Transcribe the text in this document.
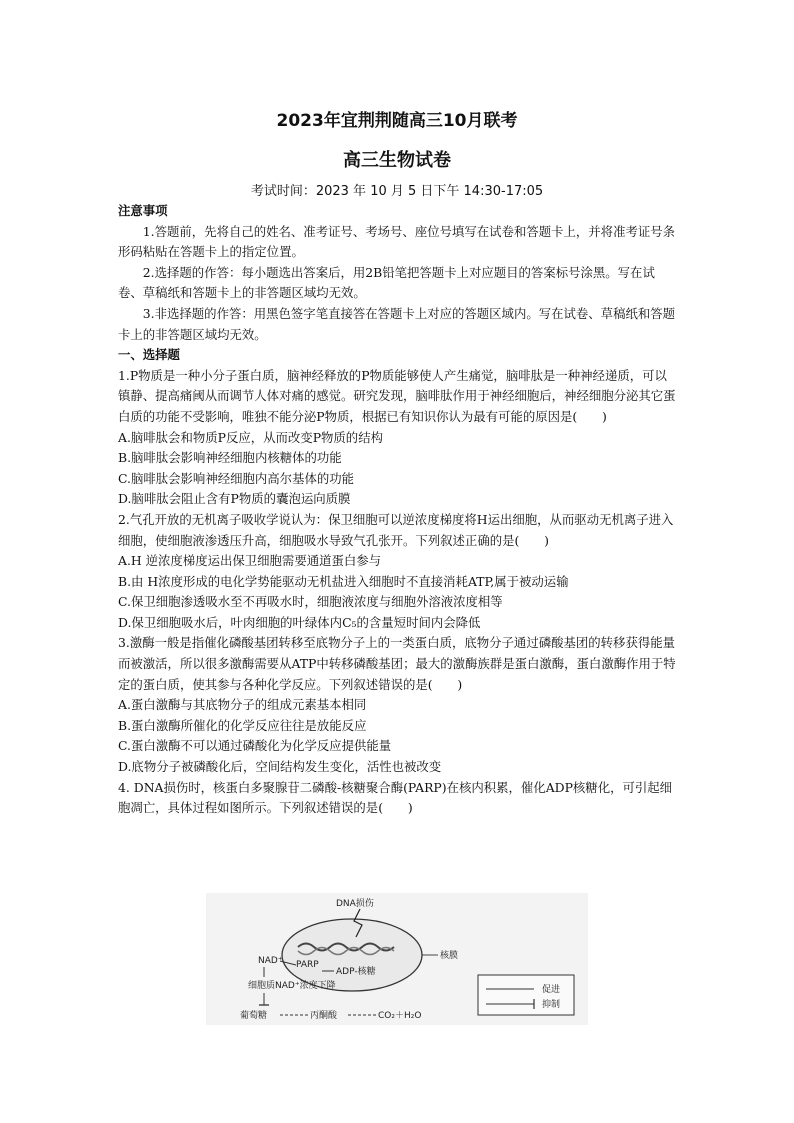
2023年宜荆荆随高三10月联考
高三生物试卷
考试时间：2023 年 10 月 5 日下午 14:30-17:05

注意事项

1.答题前，先将自己的姓名、准考证号、考场号、座位号填写在试卷和答题卡上，并将准考证号条形码粘贴在答题卡上的指定位置。

2.选择题的作答：每小题选出答案后，用2B铅笔把答题卡上对应题目的答案标号涂黑。写在试卷、草稿纸和答题卡上的非答题区域均无效。

3.非选择题的作答：用黑色签字笔直接答在答题卡上对应的答题区域内。写在试卷、草稿纸和答题卡上的非答题区域均无效。

一、选择题

1.P物质是一种小分子蛋白质，脑神经释放的P物质能够使人产生痛觉，脑啡肽是一种神经递质，可以镇静、提高痛阈从而调节人体对痛的感觉。研究发现，脑啡肽作用于神经细胞后，神经细胞分泌其它蛋白质的功能不受影响，唯独不能分泌P物质，根据已有知识你认为最有可能的原因是(　　)

A.脑啡肽会和物质P反应，从而改变P物质的结构

B.脑啡肽会影响神经细胞内核糖体的功能

C.脑啡肽会影响神经细胞内高尔基体的功能

D.脑啡肽会阻止含有P物质的囊泡运向质膜

2.气孔开放的无机离子吸收学说认为：保卫细胞可以逆浓度梯度将H运出细胞，从而驱动无机离子进入细胞，使细胞液渗透压升高，细胞吸水导致气孔张开。下列叙述正确的是(　　)

A.H 逆浓度梯度运出保卫细胞需要通道蛋白参与

B.由 H浓度形成的电化学势能驱动无机盐进入细胞时不直接消耗ATP,属于被动运输

C.保卫细胞渗透吸水至不再吸水时，细胞液浓度与细胞外溶液浓度相等

D.保卫细胞吸水后，叶肉细胞的叶绿体内C₅的含量短时间内会降低

3.激酶一般是指催化磷酸基团转移至底物分子上的一类蛋白质，底物分子通过磷酸基团的转移获得能量而被激活，所以很多激酶需要从ATP中转移磷酸基团；最大的激酶族群是蛋白激酶，蛋白激酶作用于特定的蛋白质，使其参与各种化学反应。下列叙述错误的是(　　)

A.蛋白激酶与其底物分子的组成元素基本相同

B.蛋白激酶所催化的化学反应往往是放能反应

C.蛋白激酶不可以通过磷酸化为化学反应提供能量

D.底物分子被磷酸化后，空间结构发生变化，活性也被改变

4. DNA损伤时，核蛋白多聚腺苷二磷酸-核糖聚合酶(PARP)在核内积累，催化ADP核糖化，可引起细胞凋亡，具体过程如图所示。下列叙述错误的是(　　)

DNA损伤
核膜
PARP
ADP-核糖
NAD⁺
细胞质NAD⁺浓度下降
葡萄糖	丙酮酸	CO₂＋H₂O
促进
抑制
